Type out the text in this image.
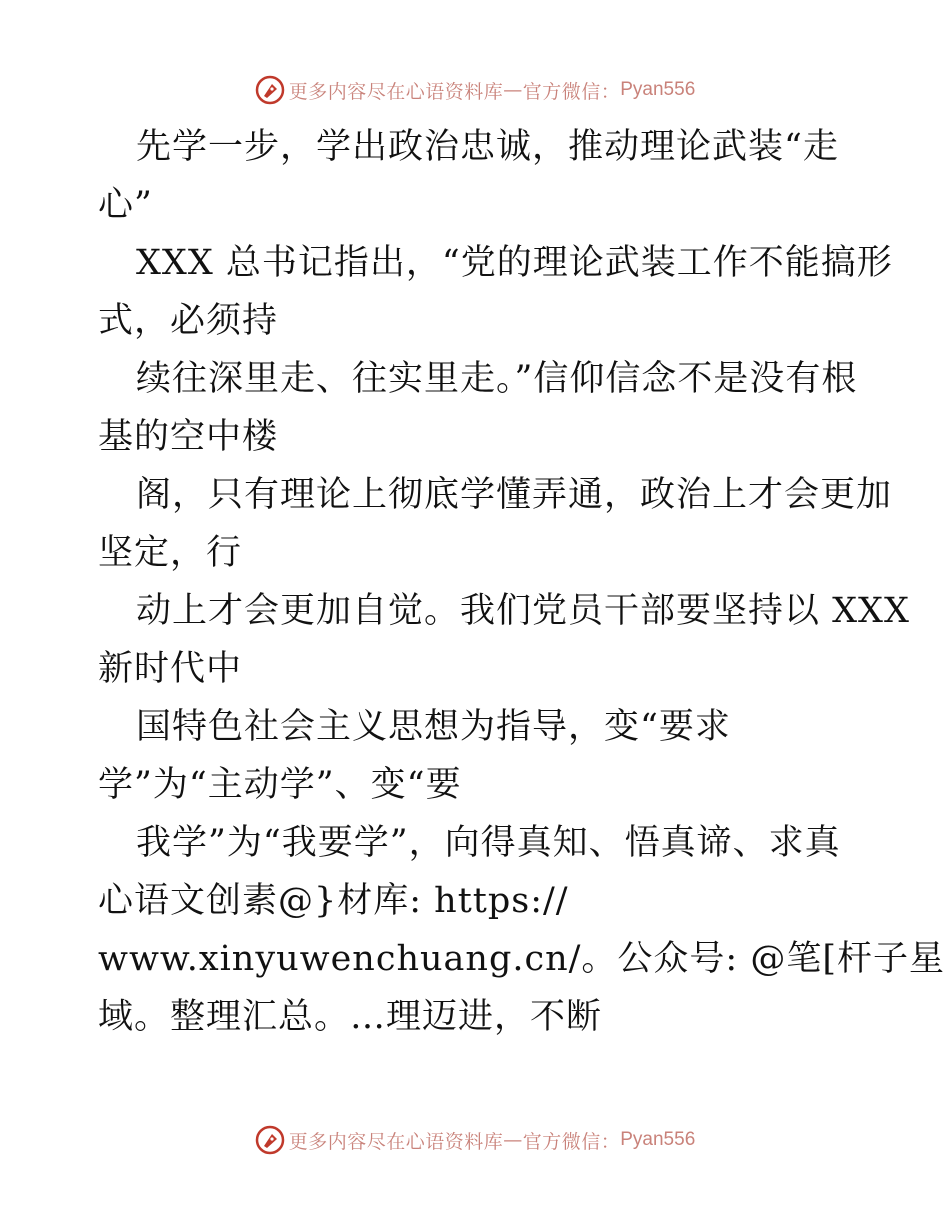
更多内容尽在心语资料库 — 官方微信： Pyan556
先学一步，学出政治忠诚，推动理论武装“走
心”
XXX 总书记指出，“党的理论武装工作不能搞形
式，必须持
续往深里走、往实里走。”信仰信念不是没有根
基的空中楼
阁，只有理论上彻底学懂弄通，政治上才会更加
坚定，行
动上才会更加自觉。我们党员干部要坚持以 XXX
新时代中
国特色社会主义思想为指导，变“要求
学”为“主动学”、变“要
我学”为“我要学”，向得真知、悟真谛、求真
心语文创素@}材库: https://
www.xinyuwenchuang.cn/。公众号: @笔[杆子星
域。整理汇总。…理迈进，不断
更多内容尽在心语资料库 — 官方微信： Pyan556
